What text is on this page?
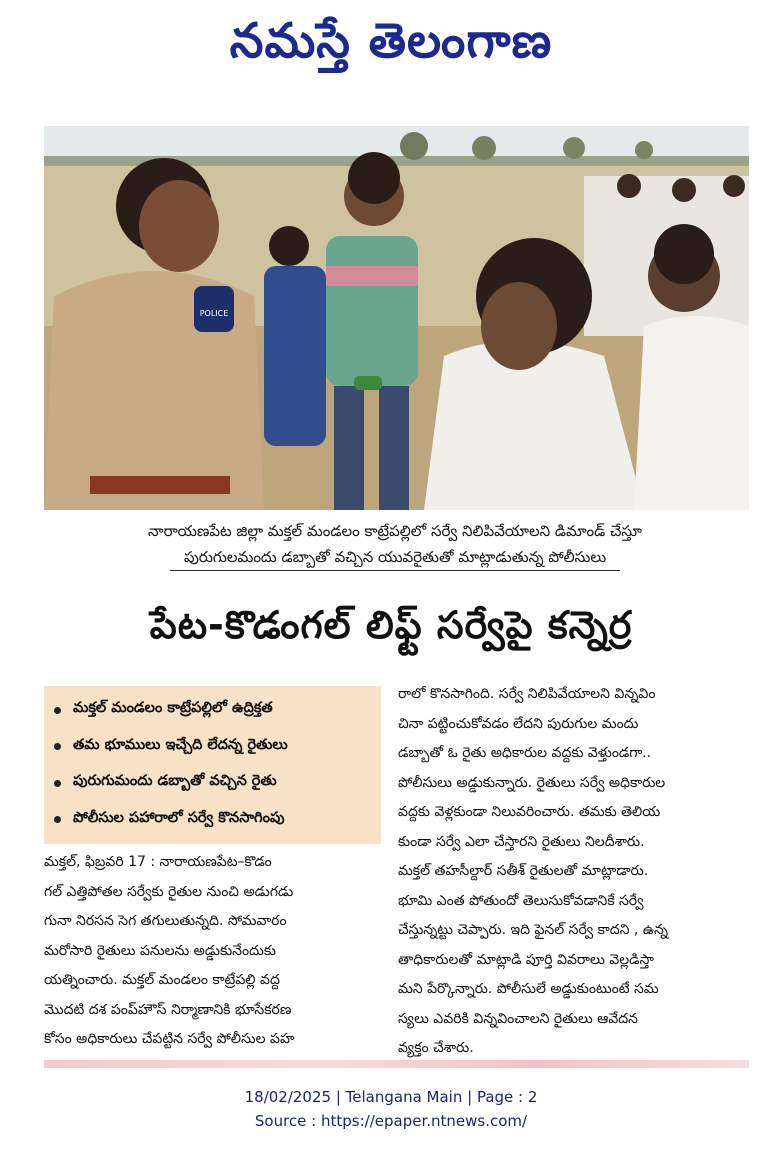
నమస్తే తెలంగాణ
POLICE
నారాయణపేట జిల్లా మక్తల్ మండలం కాట్రేపల్లిలో సర్వే నిలిపివేయాలని డిమాండ్ చేస్తూ
పురుగులమందు డబ్బాతో వచ్చిన యువరైతుతో మాట్లాడుతున్న పోలీసులు
పేట-కొడంగల్ లిఫ్ట్ సర్వేపై కన్నెర్ర
మక్తల్ మండలం కాట్రేపల్లిలో ఉద్రిక్తత
తమ భూములు ఇచ్చేది లేదన్న రైతులు
పురుగుమందు డబ్బాతో వచ్చిన రైతు
పోలీసుల పహారాలో సర్వే కొనసాగింపు
మక్తల్, ఫిబ్రవరి 17 : నారాయణపేట–కొడం
గల్ ఎత్తిపోతల సర్వేకు రైతుల నుంచి అడుగడు
గునా నిరసన సెగ తగులుతున్నది. సోమవారం
మరోసారి రైతులు పనులను అడ్డుకునేందుకు
యత్నించారు. మక్తల్ మండలం కాట్రేపల్లి వద్ద
మొదటి దశ పంప్‌హౌస్ నిర్మాణానికి భూసేకరణ
కోసం అధికారులు చేపట్టిన సర్వే పోలీసుల పహ
రాలో కొనసాగింది. సర్వే నిలిపివేయాలని విన్నవిం
చినా పట్టించుకోవడం లేదని పురుగుల మందు
డబ్బాతో ఓ రైతు అధికారుల వద్దకు వెళ్తుండగా..
పోలీసులు అడ్డుకున్నారు. రైతులు సర్వే అధికారుల
వద్దకు వెళ్లకుండా నిలువరించారు. తమకు తెలియ
కుండా సర్వే ఎలా చేస్తారని రైతులు నిలదీశారు.
మక్తల్ తహసీల్దార్ సతీశ్ రైతులతో మాట్లాడారు.
భూమి ఎంత పోతుందో తెలుసుకోవడానికే సర్వే
చేస్తున్నట్టు చెప్పారు. ఇది ఫైనల్ సర్వే కాదని , ఉన్న
తాధికారులతో మాట్లాడి పూర్తి వివరాలు వెల్లడిస్తా
మని పేర్కొన్నారు. పోలీసులే అడ్డుకుంటుంటే సమ
స్యలు ఎవరికి విన్నవించాలని రైతులు ఆవేదన
వ్యక్తం చేశారు.
18/02/2025 | Telangana Main | Page : 2
Source : https://epaper.ntnews.com/
